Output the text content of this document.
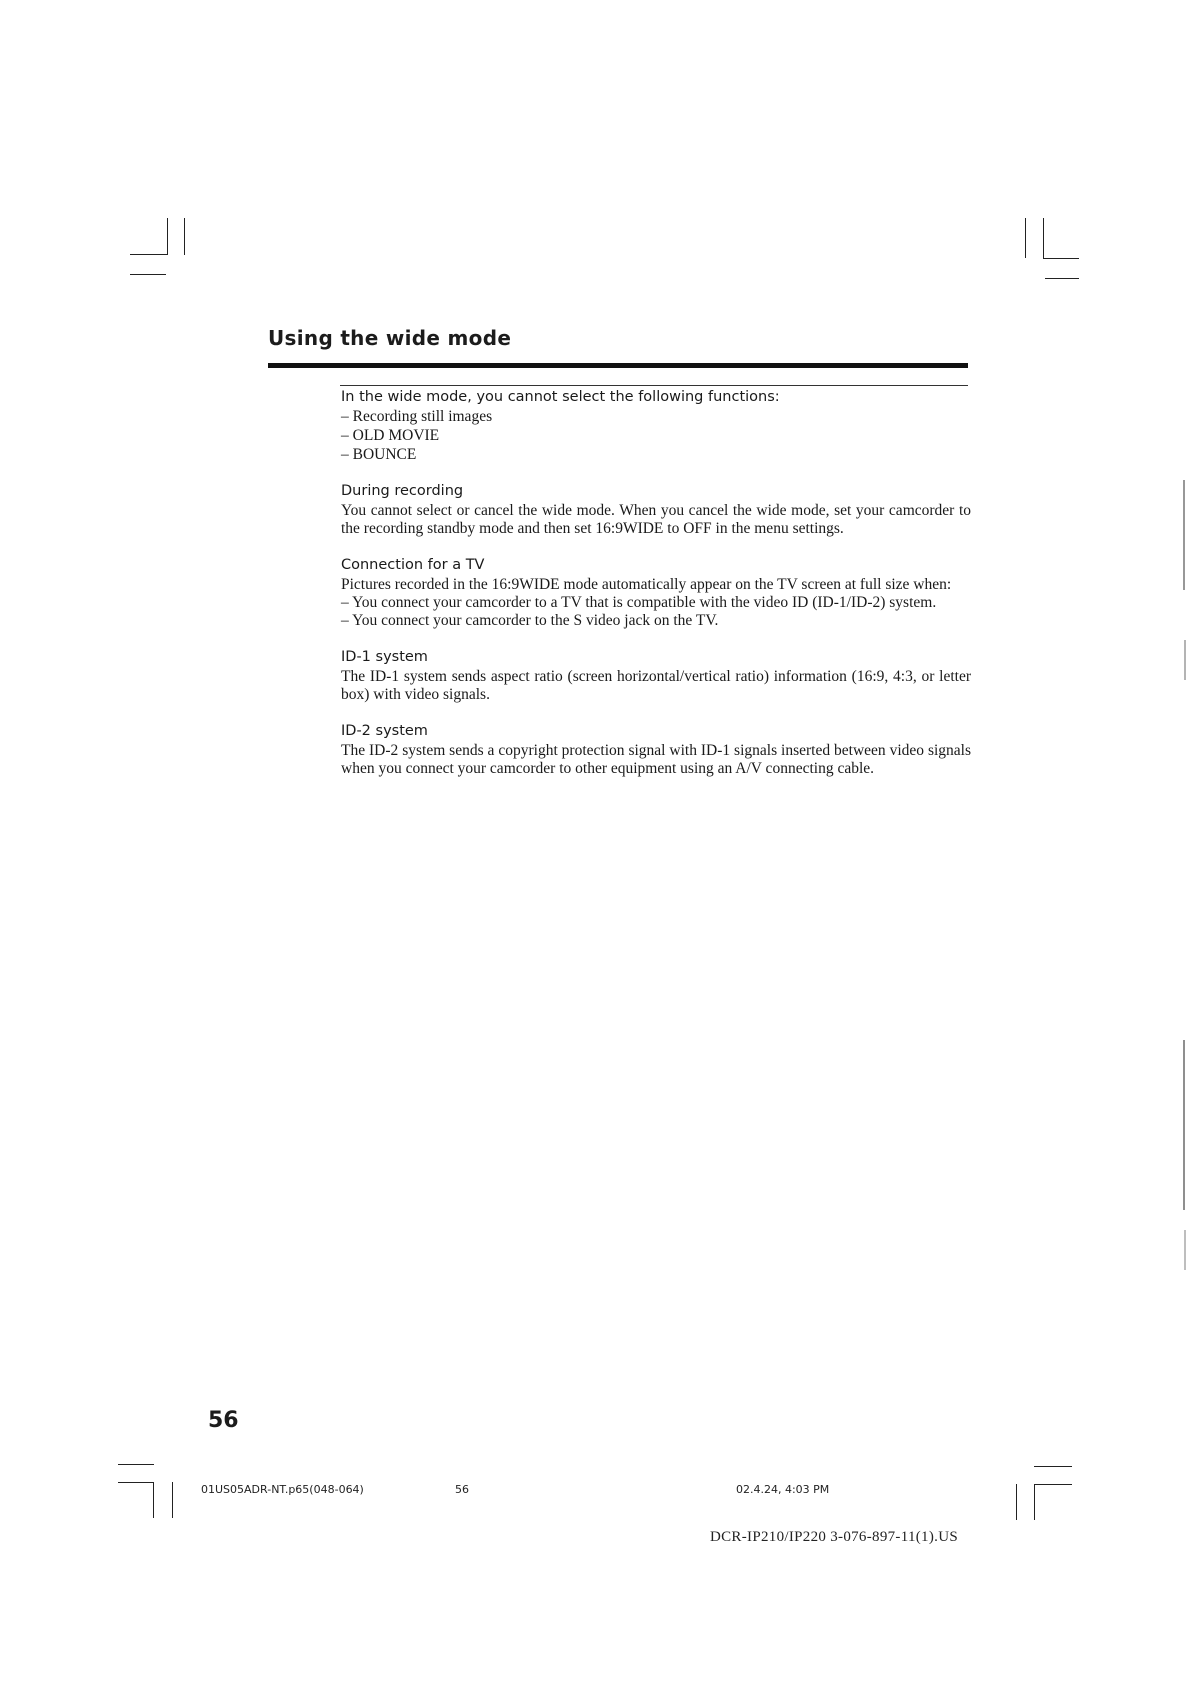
Using the wide mode

In the wide mode, you cannot select the following functions:

– Recording still images
– OLD MOVIE
– BOUNCE

During recording

You cannot select or cancel the wide mode. When you cancel the wide mode, set your camcorder to the recording standby mode and then set 16:9WIDE to OFF in the menu settings.

Connection for a TV

Pictures recorded in the 16:9WIDE mode automatically appear on the TV screen at full size when:

– You connect your camcorder to a TV that is compatible with the video ID (ID-1/ID-2) system.
– You connect your camcorder to the S video jack on the TV.

ID-1 system

The ID-1 system sends aspect ratio (screen horizontal/vertical ratio) information (16:9, 4:3, or letter box) with video signals.

ID-2 system

The ID-2 system sends a copyright protection signal with ID-1 signals inserted between video signals when you connect your camcorder to other equipment using an A/V connecting cable.

56
01US05ADR-NT.p65(048-064)	56	02.4.24, 4:03 PM
DCR-IP210/IP220 3-076-897-11(1).US
